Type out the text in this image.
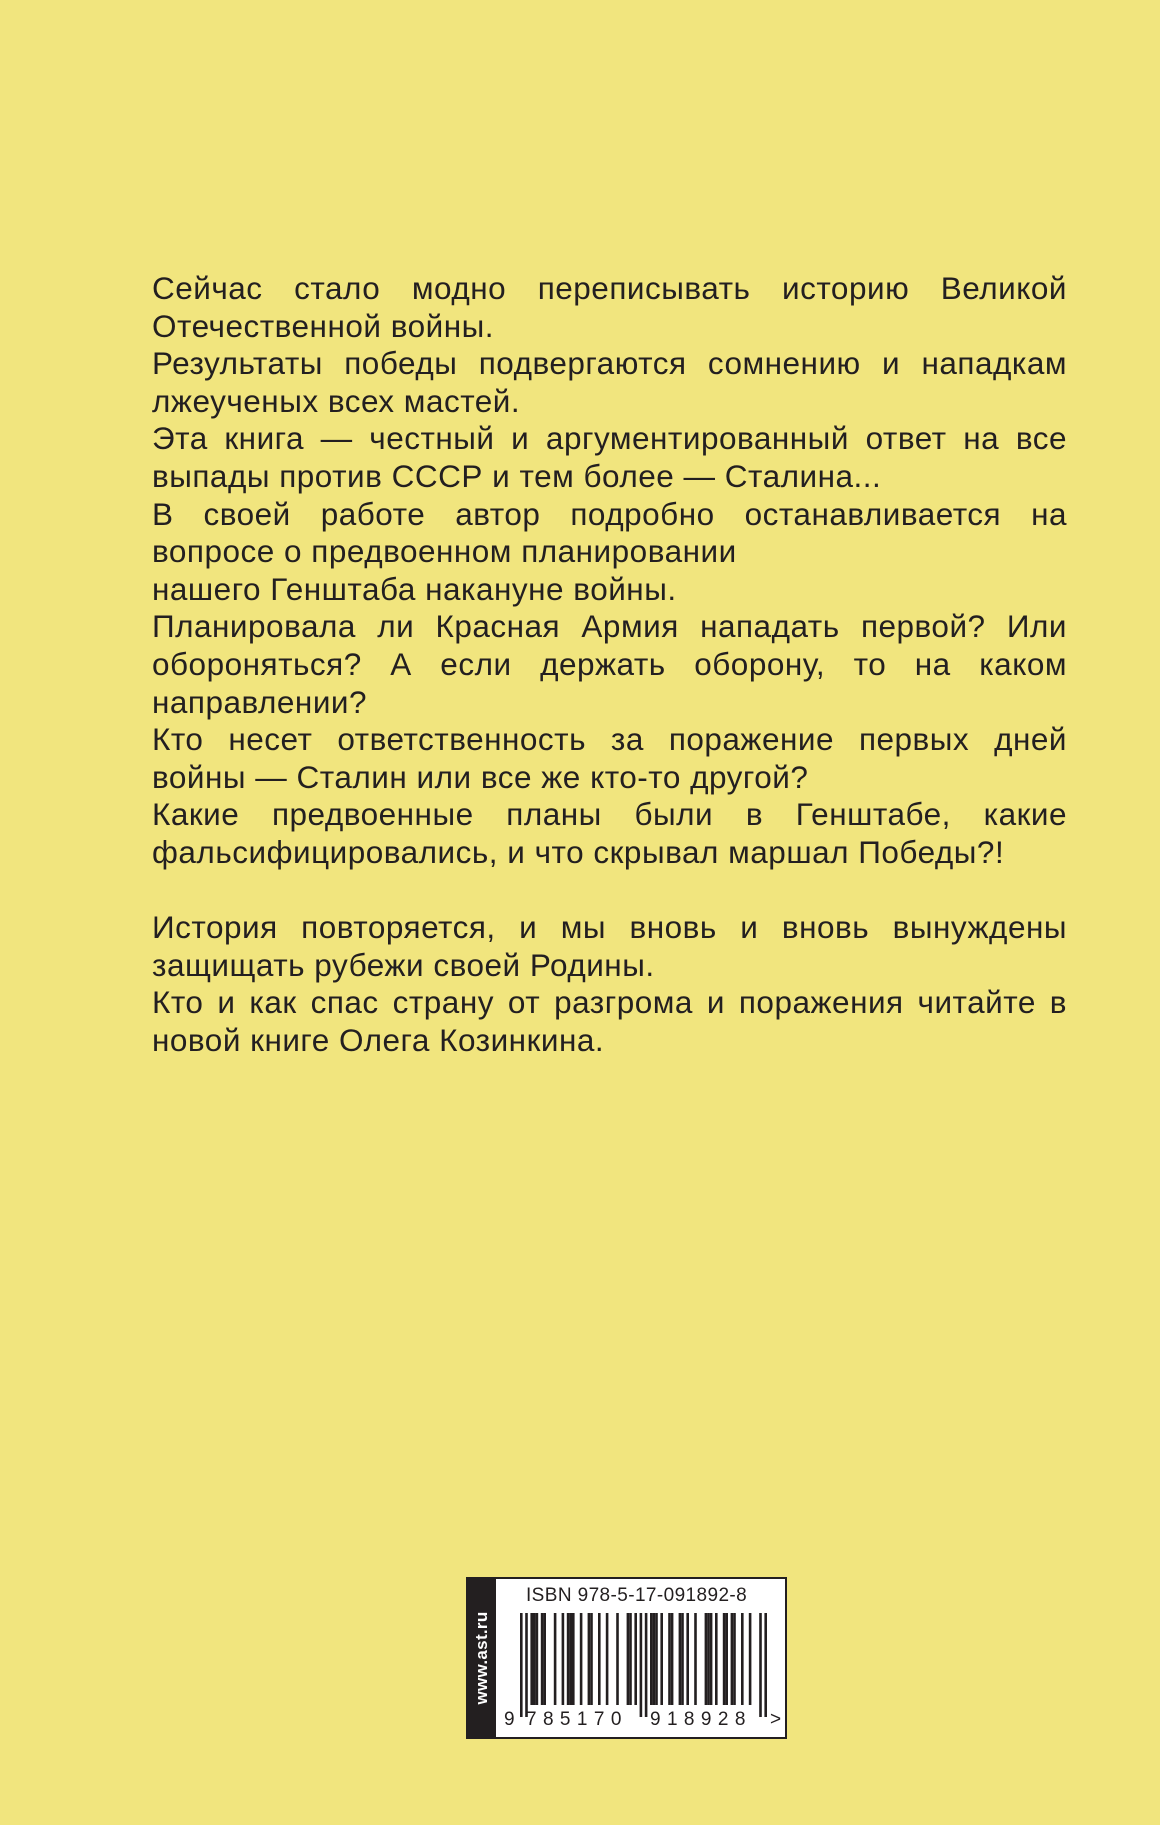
Сейчас стало модно переписывать историю Великой Отечественной войны.

Результаты победы подвергаются сомнению и нападкам лжеученых всех мастей.

Эта книга — честный и аргументированный ответ на все выпады против СССР и тем более — Сталина...

В своей работе автор подробно останавливается на

вопросе о предвоенном планировании

нашего Генштаба накануне войны.

Планировала ли Красная Армия нападать первой? Или обороняться? А если держать оборону, то на каком направлении?

Кто несет ответственность за поражение первых дней войны — Сталин или все же кто-то другой?

Какие предвоенные планы были в Генштабе, какие фальсифицировались, и что скрывал маршал Победы?!

История повторяется, и мы вновь и вновь вынуждены защищать рубежи своей Родины.

Кто и как спас страну от разгрома и поражения читайте в новой книге Олега Козинкина.

www.ast.ru
ISBN 978-5-17-091892-8
9 785170 918928 >
